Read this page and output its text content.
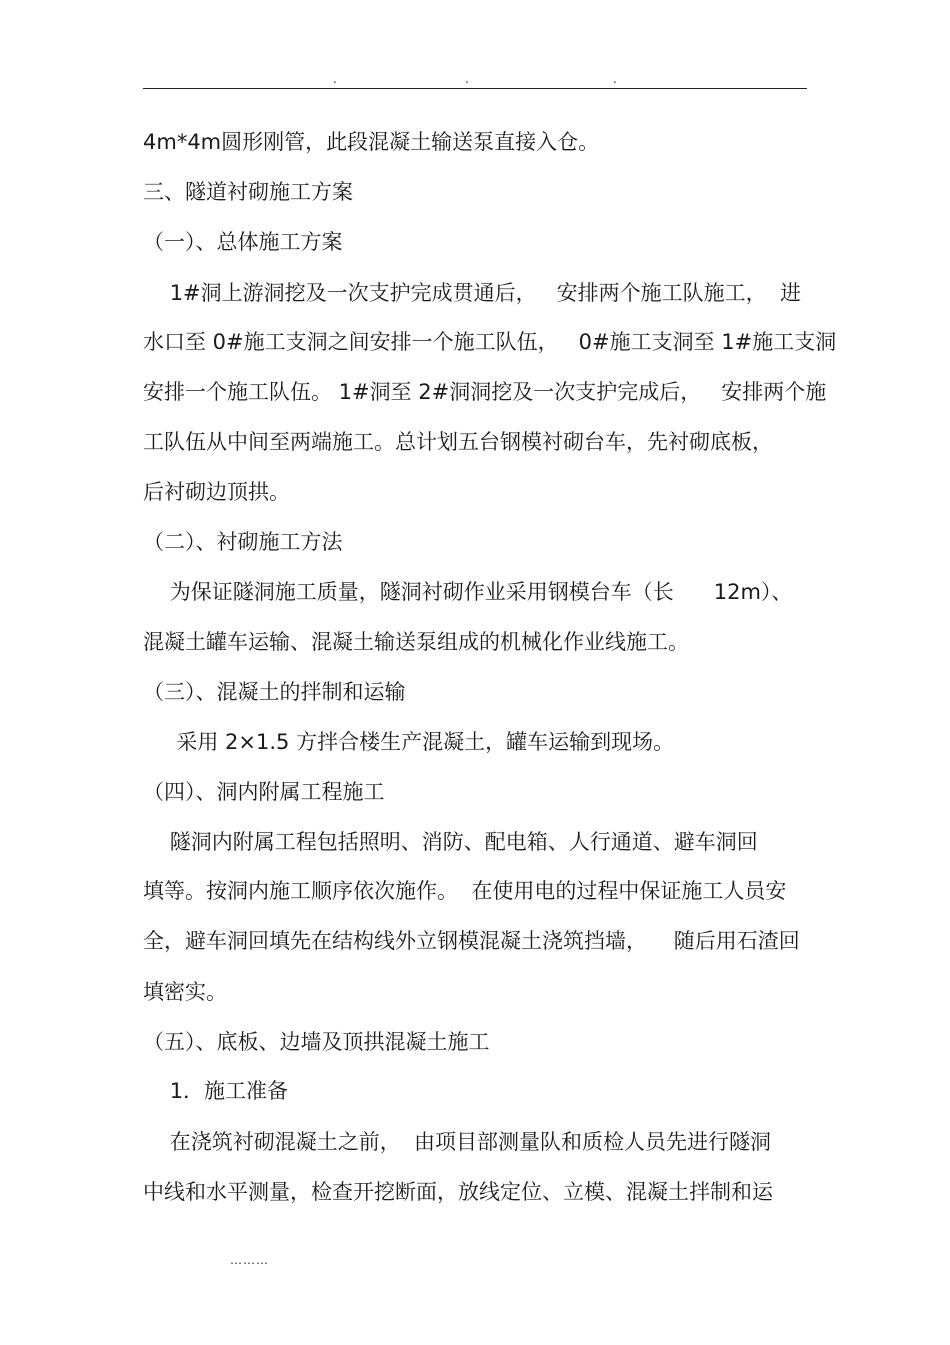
.	.	.
4m*4m圆形刚管，此段混凝土输送泵直接入仓。
三、隧道衬砌施工方案
（一）、总体施工方案
1#洞上游洞挖及一次支护完成贯通后，   安排两个施工队施工，  进
水口至 0#施工支洞之间安排一个施工队伍，   0#施工支洞至 1#施工支洞
安排一个施工队伍。 1#洞至 2#洞洞挖及一次支护完成后，   安排两个施
工队伍从中间至两端施工。总计划五台钢模衬砌台车，先衬砌底板，
后衬砌边顶拱。
（二）、衬砌施工方法
为保证隧洞施工质量，隧洞衬砌作业采用钢模台车（长      12m）、
混凝土罐车运输、混凝土输送泵组成的机械化作业线施工。
（三）、混凝土的拌制和运输
采用 2×1.5 方拌合楼生产混凝土，罐车运输到现场。
（四）、洞内附属工程施工
隧洞内附属工程包括照明、消防、配电箱、人行通道、避车洞回
填等。按洞内施工顺序依次施作。  在使用电的过程中保证施工人员安
全，避车洞回填先在结构线外立钢模混凝土浇筑挡墙，    随后用石渣回
填密实。
（五）、底板、边墙及顶拱混凝土施工
1．施工准备
在浇筑衬砌混凝土之前，  由项目部测量队和质检人员先进行隧洞
中线和水平测量，检查开挖断面，放线定位、立模、混凝土拌制和运
………
